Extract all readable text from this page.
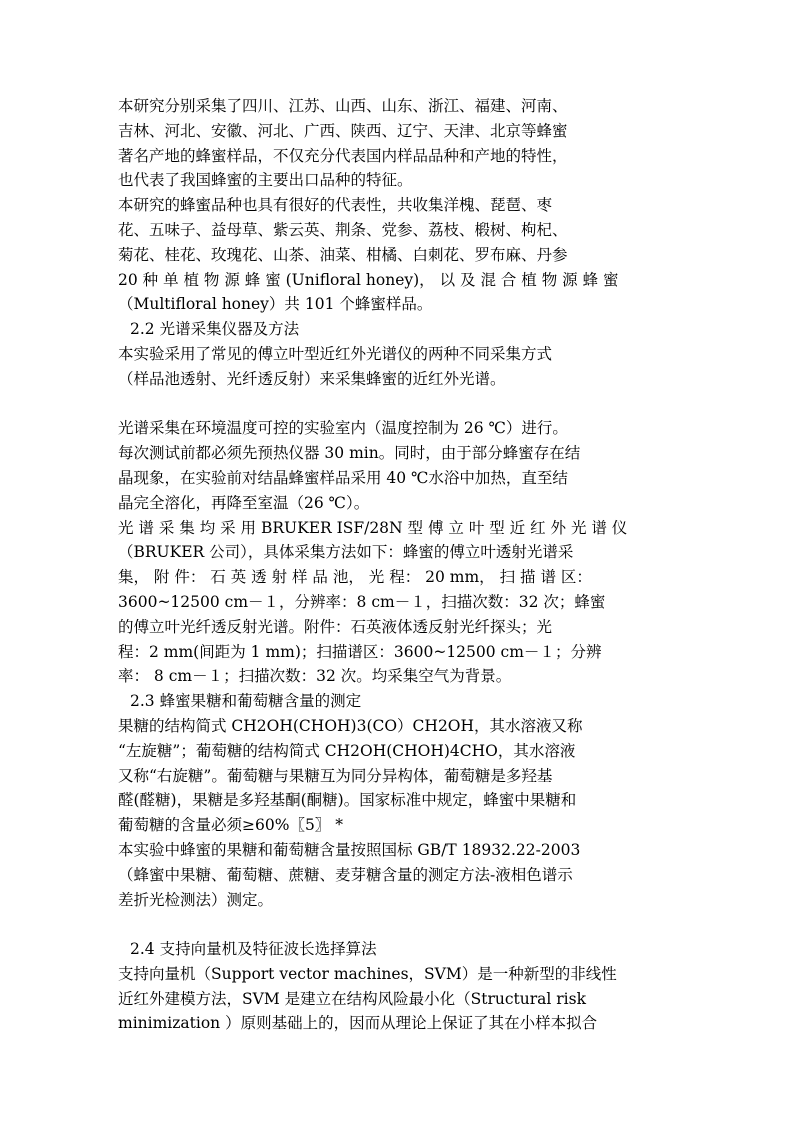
本研究分别采集了四川、江苏、山西、山东、浙江、福建、河南、
吉林、河北、安徽、河北、广西、陕西、辽宁、天津、北京等蜂蜜
著名产地的蜂蜜样品，不仅充分代表国内样品品种和产地的特性，
也代表了我国蜂蜜的主要出口品种的特征。
本研究的蜂蜜品种也具有很好的代表性，共收集洋槐、琵琶、枣
花、五味子、益母草、紫云英、荆条、党参、荔枝、椴树、枸杞、
菊花、桂花、玫瑰花、山茶、油菜、柑橘、白刺花、罗布麻、丹参
20 种 单 植 物 源 蜂 蜜 (Unifloral honey)， 以 及 混 合 植 物 源 蜂 蜜
（Multifloral honey）共 101 个蜂蜜样品。
2.2 光谱采集仪器及方法
本实验采用了常见的傅立叶型近红外光谱仪的两种不同采集方式
（样品池透射、光纤透反射）来采集蜂蜜的近红外光谱。
光谱采集在环境温度可控的实验室内（温度控制为 26 ℃）进行。
每次测试前都必须先预热仪器 30 min。同时，由于部分蜂蜜存在结
晶现象，在实验前对结晶蜂蜜样品采用 40 ℃水浴中加热，直至结
晶完全溶化，再降至室温（26 ℃）。
光 谱 采 集 均 采 用 BRUKER ISF/28N 型 傅 立 叶 型 近 红 外 光 谱 仪
（BRUKER 公司），具体采集方法如下：蜂蜜的傅立叶透射光谱采
集， 附 件： 石 英 透 射 样 品 池， 光 程： 20 mm， 扫 描 谱 区：
3600~12500 cm－１，分辨率：8 cm－１，扫描次数：32 次；蜂蜜
的傅立叶光纤透反射光谱。附件：石英液体透反射光纤探头；光
程：2 mm(间距为 1 mm)；扫描谱区：3600~12500 cm－１；分辨
率： 8 cm－１；扫描次数：32 次。均采集空气为背景。
2.3 蜂蜜果糖和葡萄糖含量的测定
果糖的结构简式 CH2OH(CHOH)3(CO）CH2OH，其水溶液又称
“左旋糖”；葡萄糖的结构简式 CH2OH(CHOH)4CHO，其水溶液
又称“右旋糖”。葡萄糖与果糖互为同分异构体，葡萄糖是多羟基
醛(醛糖)，果糖是多羟基酮(酮糖)。国家标准中规定，蜂蜜中果糖和
葡萄糖的含量必须≥60%〖5〗 *
本实验中蜂蜜的果糖和葡萄糖含量按照国标 GB/T 18932.22-2003
（蜂蜜中果糖、葡萄糖、蔗糖、麦芽糖含量的测定方法-液相色谱示
差折光检测法）测定。
2.4 支持向量机及特征波长选择算法
支持向量机（Support vector machines，SVM）是一种新型的非线性
近红外建模方法，SVM 是建立在结构风险最小化（Structural risk
minimization ）原则基础上的，因而从理论上保证了其在小样本拟合
